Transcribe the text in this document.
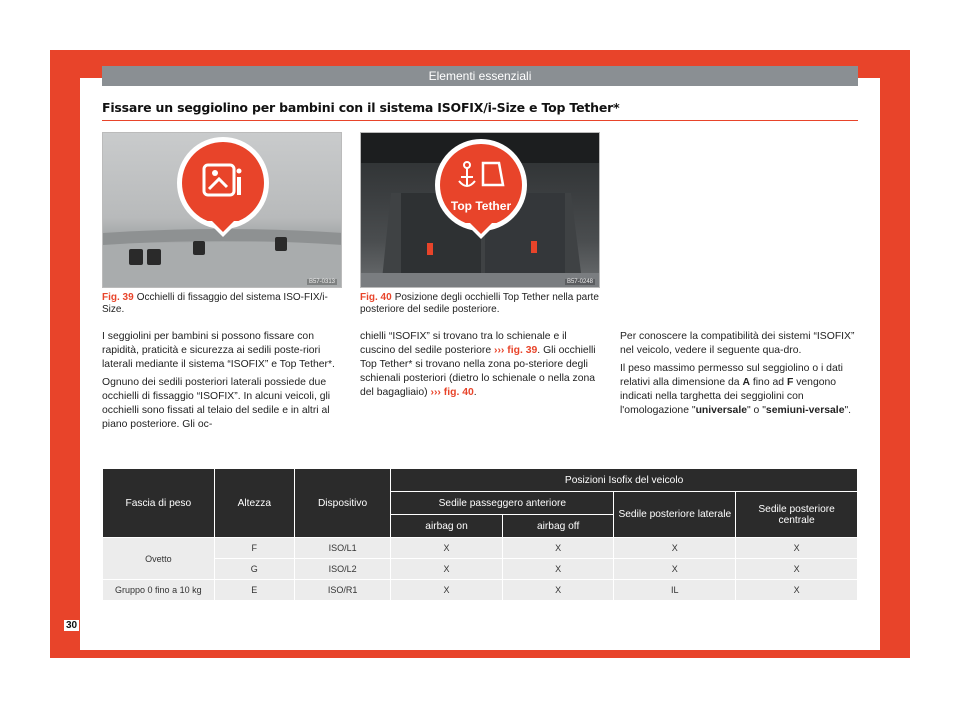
Elementi essenziali
Fissare un seggiolino per bambini con il sistema ISOFIX/i-Size e Top Tether*
B57-0313
Top Tether
B57-0248
Fig. 39 Occhielli di fissaggio del sistema ISO-FIX/i-Size.
Fig. 40 Posizione degli occhielli Top Tether nella parte posteriore del sedile posteriore.

I seggiolini per bambini si possono fissare con rapidità, praticità e sicurezza ai sedili poste-riori laterali mediante il sistema “ISOFIX” e Top Tether*.

Ognuno dei sedili posteriori laterali possiede due occhielli di fissaggio “ISOFIX”. In alcuni veicoli, gli occhielli sono fissati al telaio del sedile e in altri al piano posteriore. Gli oc-

chielli “ISOFIX” si trovano tra lo schienale e il cuscino del sedile posteriore ››› fig. 39. Gli occhielli Top Tether* si trovano nella zona po-steriore degli schienali posteriori (dietro lo schienale o nella zona del bagagliaio) ››› fig. 40.

Per conoscere la compatibilità dei sistemi “ISOFIX” nel veicolo, vedere il seguente qua-dro.

Il peso massimo permesso sul seggiolino o i dati relativi alla dimensione da A fino ad F vengono indicati nella targhetta dei seggiolini con l'omologazione "universale" o "semiuni-versale".

Fascia di peso	Altezza	Dispositivo	Posizioni Isofix del veicolo			
			Sedile passeggero anteriore		Sedile posteriore laterale	Sedile posteriore centrale
			airbag on	airbag off		
Ovetto	F	ISO/L1	X	X	X	X
	G	ISO/L2	X	X	X	X
Gruppo 0 fino a 10 kg	E	ISO/R1	X	X	IL	X
30
